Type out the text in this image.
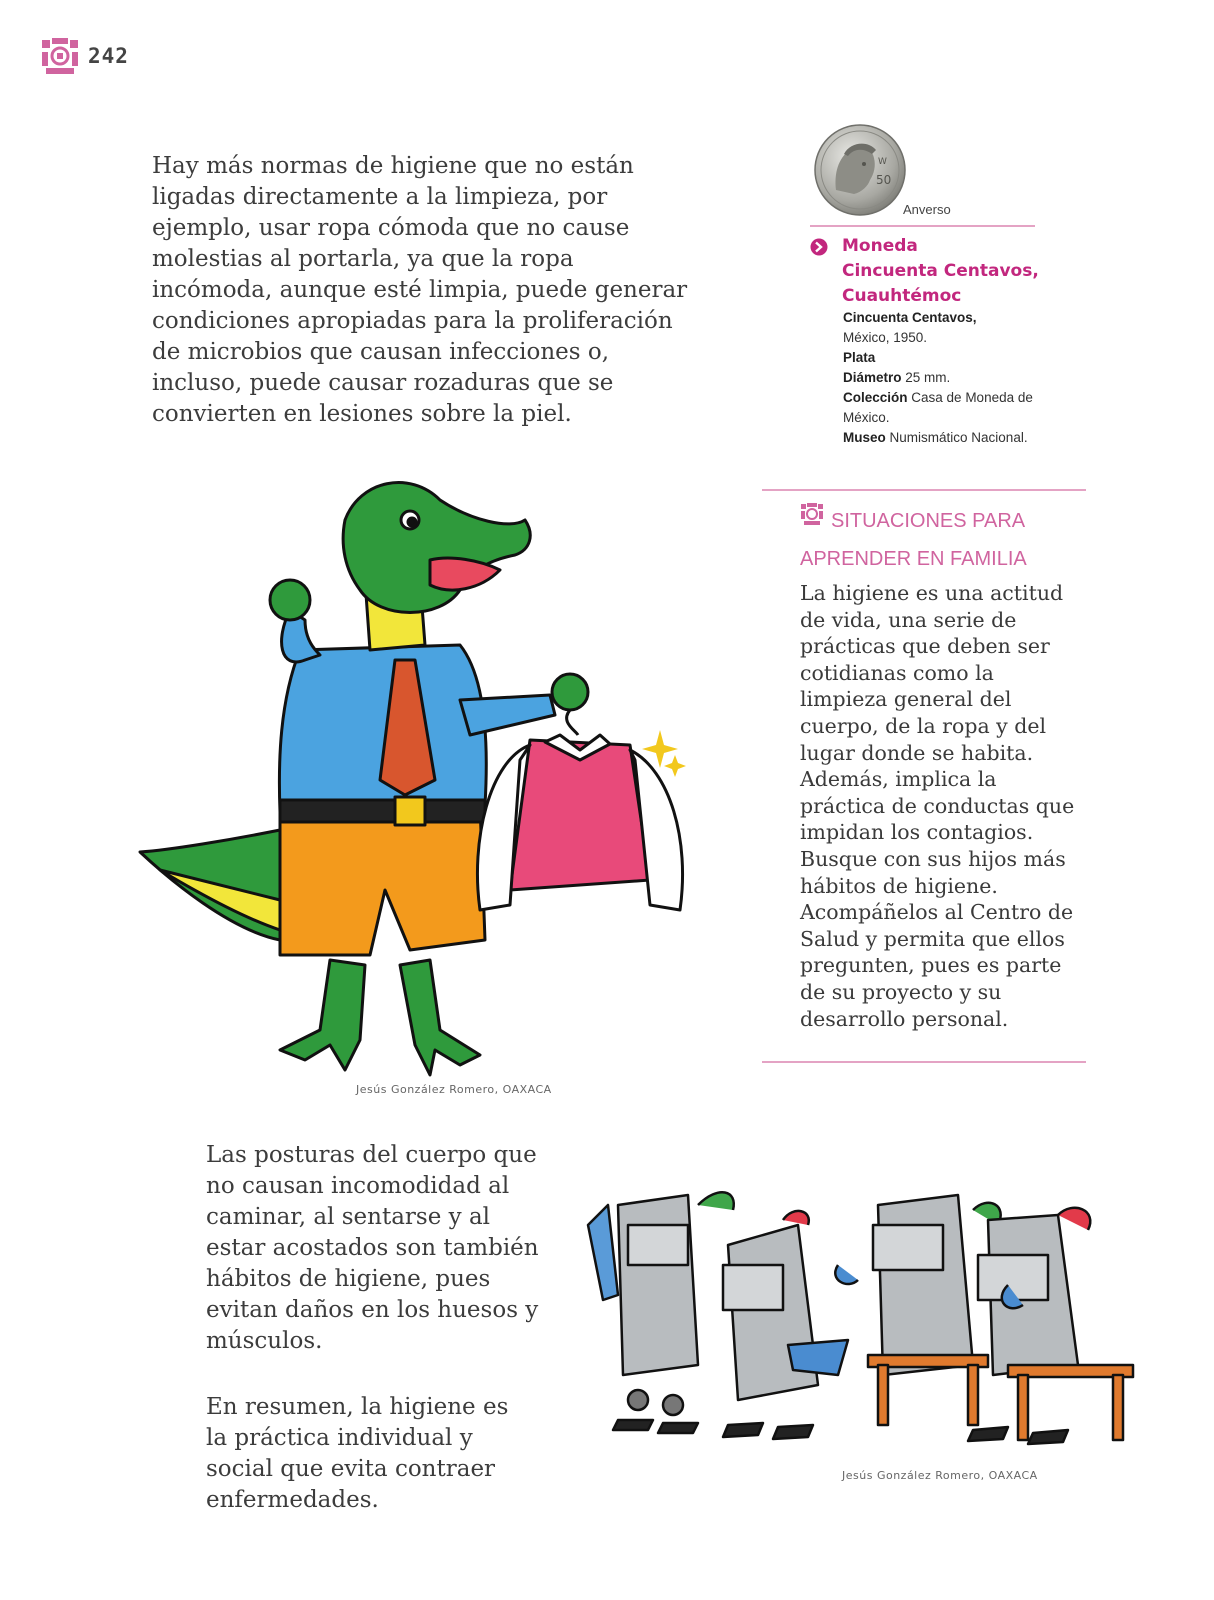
242

Hay más normas de higiene que no están ligadas directamente a la limpieza, por ejemplo, usar ropa cómoda que no cause molestias al portarla, ya que la ropa incómoda, aunque esté limpia, puede generar condiciones apropiadas para la proliferación de microbios que causan infecciones o, incluso, puede causar rozaduras que se convierten en lesiones sobre la piel.

W
50
Anverso
Moneda
Cincuenta Centavos,
Cuauhtémoc
Cincuenta Centavos,
México, 1950.
Plata
Diámetro 25 mm.
Colección Casa de Moneda de México.
Museo Numismático Nacional.
SITUACIONES PARA
APRENDER EN FAMILIA
La higiene es una actitud de vida, una serie de prácticas que deben ser cotidianas como la limpieza general del cuerpo, de la ropa y del lugar donde se habita. Además, implica la práctica de conductas que impidan los contagios. Busque con sus hijos más hábitos de higiene. Acompáñelos al Centro de Salud y permita que ellos pregunten, pues es parte de su proyecto y su desarrollo personal.
Jesús González Romero, OAXACA

Las posturas del cuerpo que no causan incomodidad al caminar, al sentarse y al estar acostados son también hábitos de higiene, pues evitan daños en los huesos y músculos.

En resumen, la higiene es la práctica individual y social que evita contraer enfermedades.

Jesús González Romero, OAXACA
